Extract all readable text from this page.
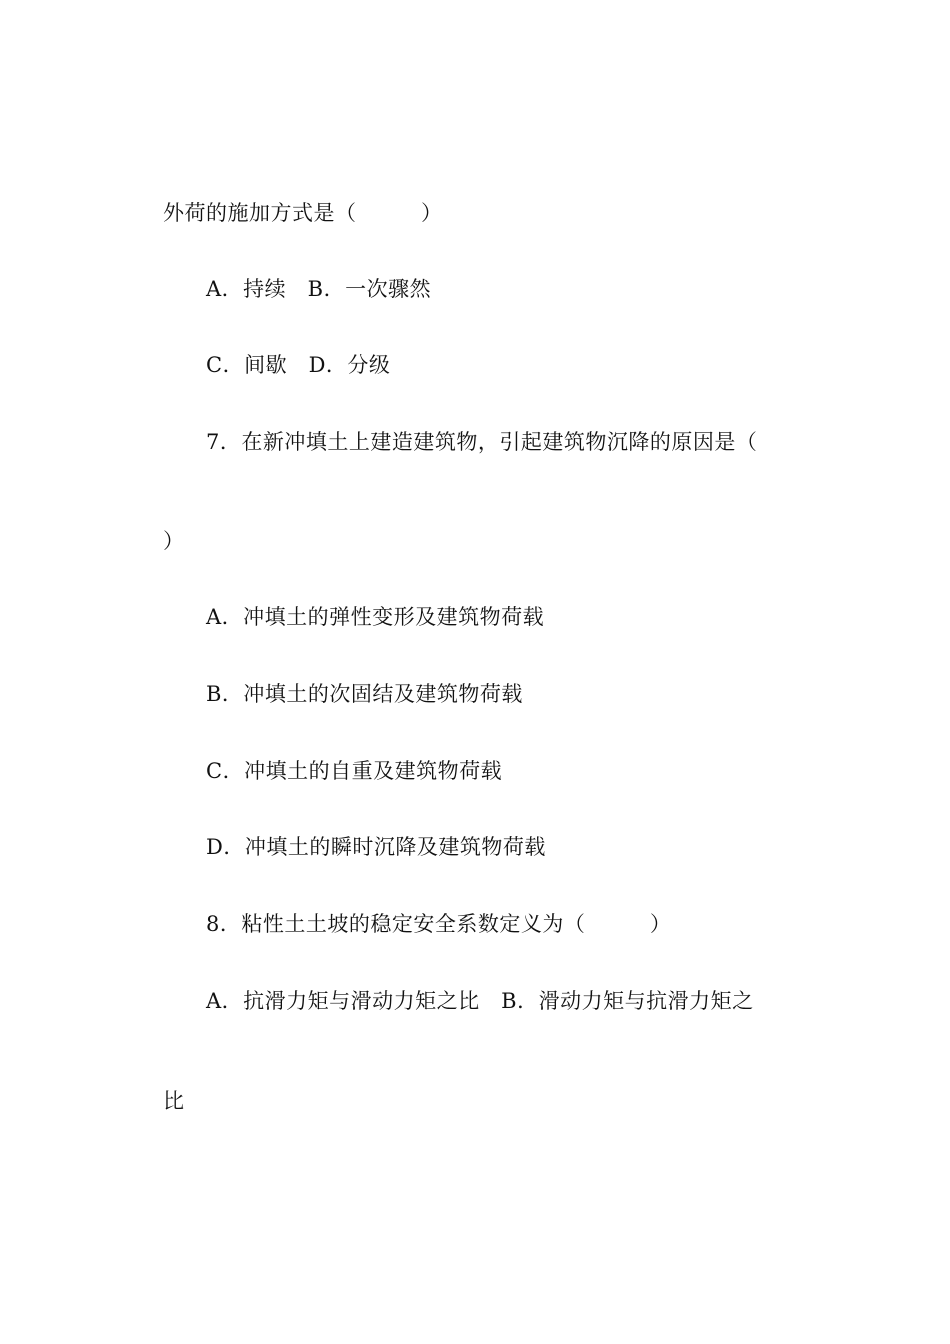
外荷的施加方式是（　　　）
A．持续　B．一次骤然
C．间歇　D．分级
7．在新冲填土上建造建筑物，引起建筑物沉降的原因是（
）
A．冲填土的弹性变形及建筑物荷载
B．冲填土的次固结及建筑物荷载
C．冲填土的自重及建筑物荷载
D．冲填土的瞬时沉降及建筑物荷载
8．粘性土土坡的稳定安全系数定义为（　　　）
A．抗滑力矩与滑动力矩之比　B．滑动力矩与抗滑力矩之
比
